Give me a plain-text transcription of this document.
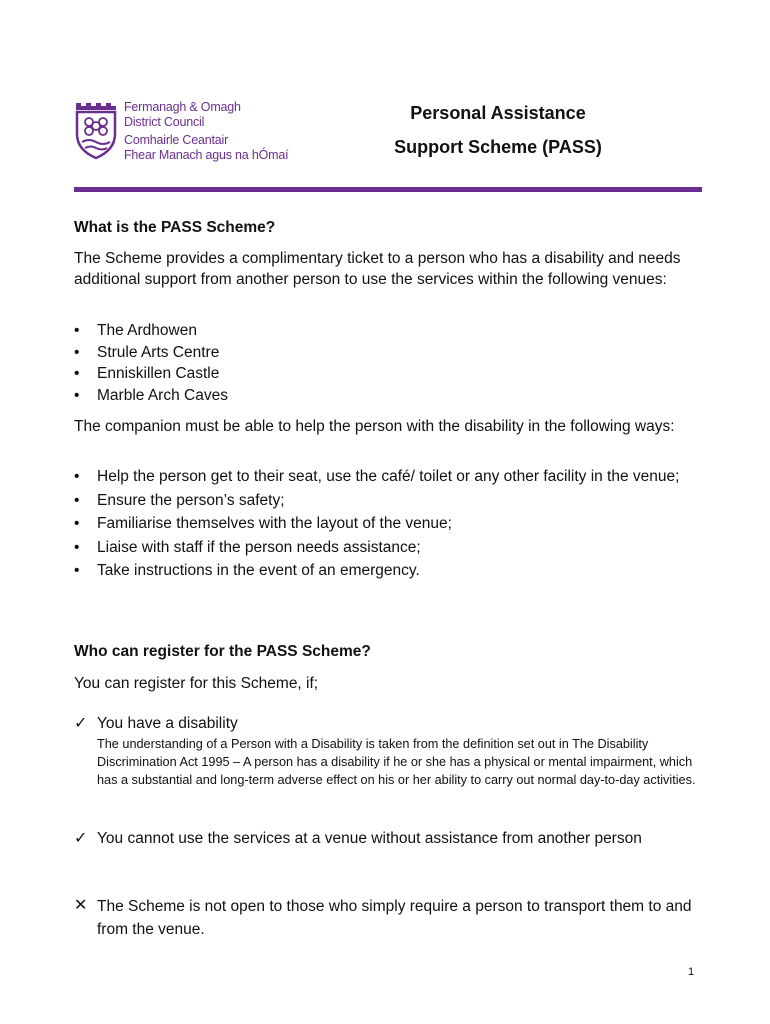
Fermanagh & Omagh
District Council
Comhairle Ceantair
Fhear Manach agus na hÓmaí
Personal Assistance
Support Scheme (PASS)
What is the PASS Scheme?
The Scheme provides a complimentary ticket to a person who has a disability and needs additional support from another person to use the services within the following venues:
• The Ardhowen
• Strule Arts Centre
• Enniskillen Castle
• Marble Arch Caves
The companion must be able to help the person with the disability in the following ways:
• Help the person get to their seat, use the café/ toilet or any other facility in the venue;
• Ensure the person’s safety;
• Familiarise themselves with the layout of the venue;
• Liaise with staff if the person needs assistance;
• Take instructions in the event of an emergency.
Who can register for the PASS Scheme?
You can register for this Scheme, if;
✓ You have a disability
The understanding of a Person with a Disability is taken from the definition set out in The Disability Discrimination Act 1995 – A person has a disability if he or she has a physical or mental impairment, which has a substantial and long-term adverse effect on his or her ability to carry out normal day-to-day activities.
✓ You cannot use the services at a venue without assistance from another person
✕ The Scheme is not open to those who simply require a person to transport them to and from the venue.
1
